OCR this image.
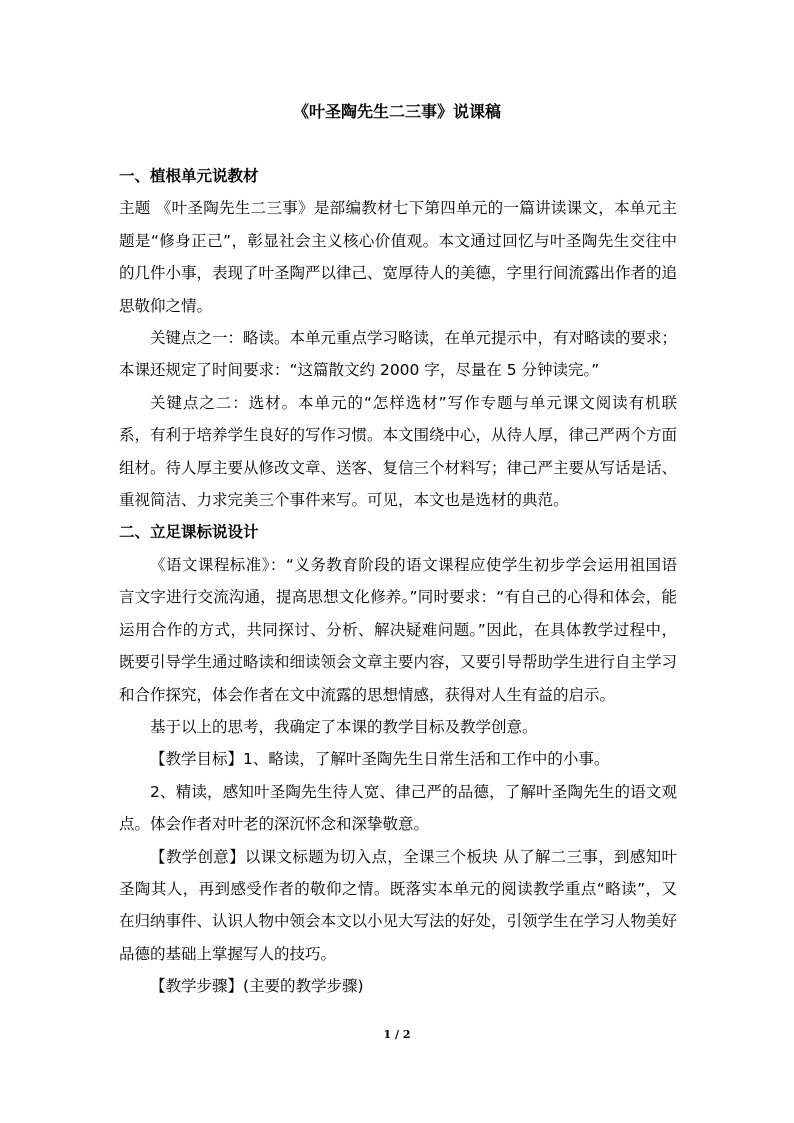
《叶圣陶先生二三事》说课稿

一、植根单元说教材

主题 《叶圣陶先生二三事》是部编教材七下第四单元的一篇讲读课文，本单元主题是“修身正己”，彰显社会主义核心价值观。本文通过回忆与叶圣陶先生交往中的几件小事，表现了叶圣陶严以律己、宽厚待人的美德，字里行间流露出作者的追思敬仰之情。

关键点之一：略读。本单元重点学习略读，在单元提示中，有对略读的要求；本课还规定了时间要求：“这篇散文约 2000 字，尽量在 5 分钟读完。”

关键点之二：选材。本单元的“怎样选材”写作专题与单元课文阅读有机联系，有利于培养学生良好的写作习惯。本文围绕中心，从待人厚，律己严两个方面组材。待人厚主要从修改文章、送客、复信三个材料写；律己严主要从写话是话、重视简洁、力求完美三个事件来写。可见，本文也是选材的典范。

二、立足课标说设计

《语文课程标准》：“义务教育阶段的语文课程应使学生初步学会运用祖国语言文字进行交流沟通，提高思想文化修养。”同时要求：“有自己的心得和体会，能运用合作的方式，共同探讨、分析、解决疑难问题。”因此，在具体教学过程中，既要引导学生通过略读和细读领会文章主要内容，又要引导帮助学生进行自主学习和合作探究，体会作者在文中流露的思想情感，获得对人生有益的启示。

基于以上的思考，我确定了本课的教学目标及教学创意。

【教学目标】1、略读，了解叶圣陶先生日常生活和工作中的小事。

2、精读，感知叶圣陶先生待人宽、律己严的品德，了解叶圣陶先生的语文观点。体会作者对叶老的深沉怀念和深挚敬意。

【教学创意】以课文标题为切入点，全课三个板块 从了解二三事，到感知叶圣陶其人，再到感受作者的敬仰之情。既落实本单元的阅读教学重点“略读”，又在归纳事件、认识人物中领会本文以小见大写法的好处，引领学生在学习人物美好品德的基础上掌握写人的技巧。

【教学步骤】(主要的教学步骤)

1 / 2
